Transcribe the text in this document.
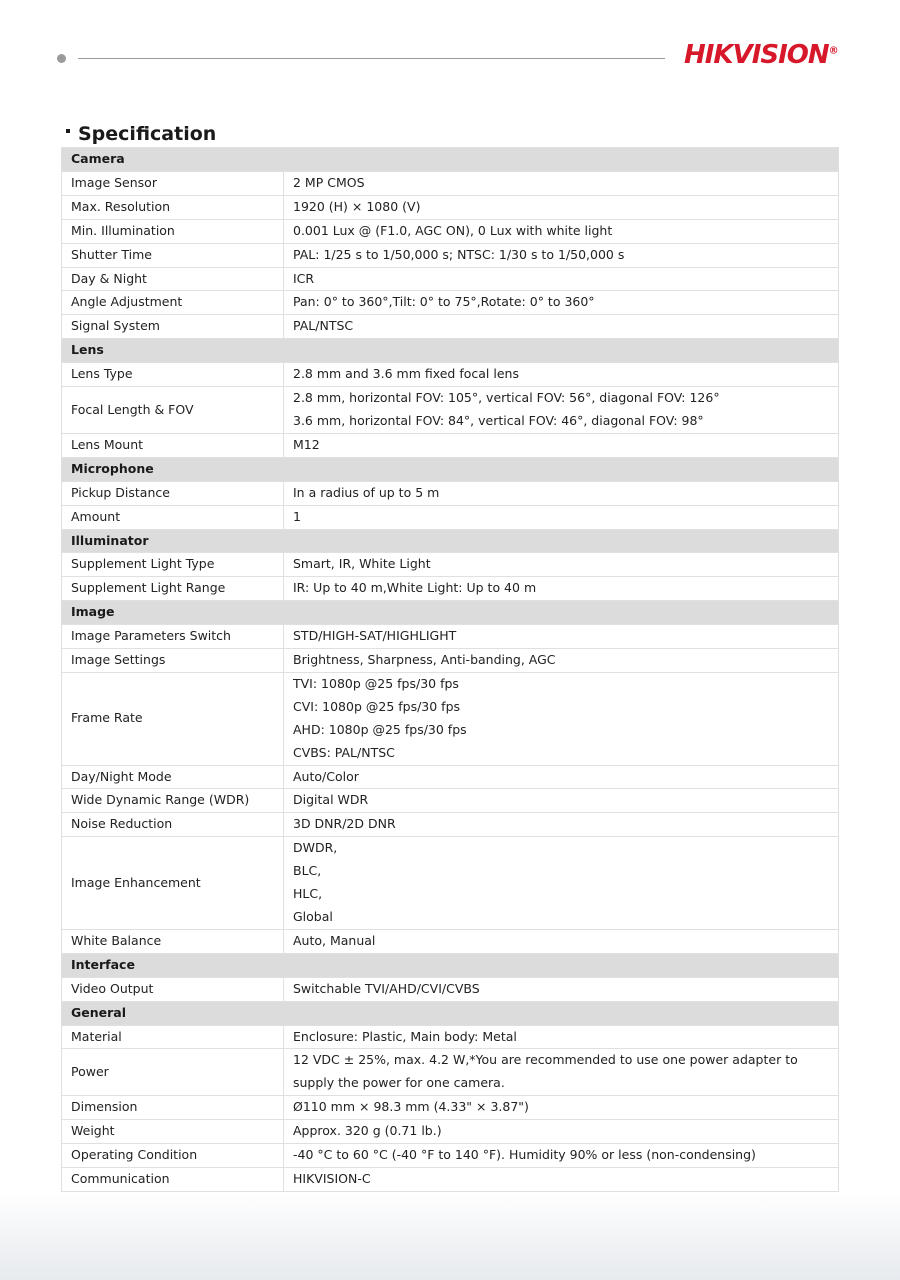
HIKVISION®
Specification
Camera	
Image Sensor	2 MP CMOS

Max. Resolution	1920 (H) × 1080 (V)

Min. Illumination	0.001 Lux @ (F1.0, AGC ON), 0 Lux with white light

Shutter Time	PAL: 1/25 s to 1/50,000 s; NTSC: 1/30 s to 1/50,000 s

Day & Night	ICR

Angle Adjustment	Pan: 0° to 360°,Tilt: 0° to 75°,Rotate: 0° to 360°

Signal System	PAL/NTSC

Lens	
Lens Type	2.8 mm and 3.6 mm fixed focal lens

Focal Length & FOV	2.8 mm, horizontal FOV: 105°, vertical FOV: 56°, diagonal FOV: 126°
3.6 mm, horizontal FOV: 84°, vertical FOV: 46°, diagonal FOV: 98°

Lens Mount	M12

Microphone	
Pickup Distance	In a radius of up to 5 m

Amount	1

Illuminator	
Supplement Light Type	Smart, IR, White Light

Supplement Light Range	IR: Up to 40 m,White Light: Up to 40 m

Image	
Image Parameters Switch	STD/HIGH-SAT/HIGHLIGHT

Image Settings	Brightness, Sharpness, Anti-banding, AGC

Frame Rate	TVI: 1080p @25 fps/30 fps
CVI: 1080p @25 fps/30 fps
AHD: 1080p @25 fps/30 fps
CVBS: PAL/NTSC

Day/Night Mode	Auto/Color

Wide Dynamic Range (WDR)	Digital WDR

Noise Reduction	3D DNR/2D DNR

Image Enhancement	DWDR,
BLC,
HLC,
Global

White Balance	Auto, Manual

Interface	
Video Output	Switchable TVI/AHD/CVI/CVBS

General	
Material	Enclosure: Plastic, Main body: Metal

Power	12 VDC ± 25%, max. 4.2 W,*You are recommended to use one power adapter to
supply the power for one camera.

Dimension	Ø110 mm × 98.3 mm (4.33" × 3.87")

Weight	Approx. 320 g (0.71 lb.)

Operating Condition	-40 °C to 60 °C (-40 °F to 140 °F). Humidity 90% or less (non-condensing)

Communication	HIKVISION-C
